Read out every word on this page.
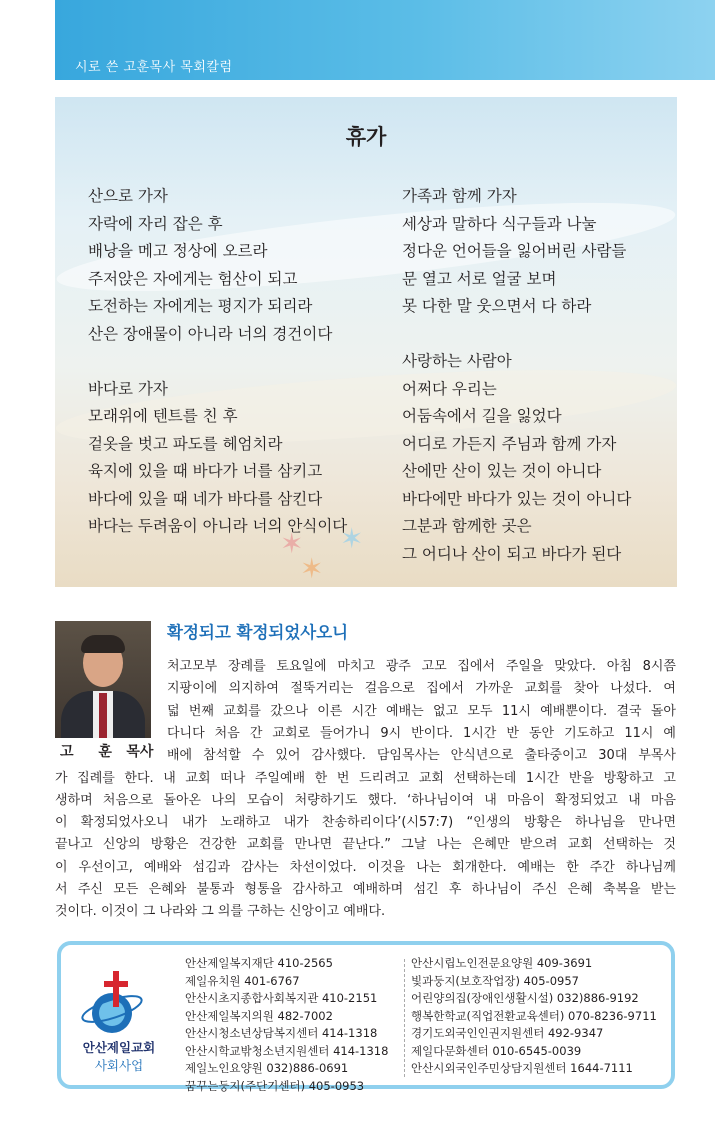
시로 쓴 고훈목사 목회칼럼
✶ ✶
✶
휴가
산으로 가자
자락에 자리 잡은 후
배낭을 메고 정상에 오르라
주저앉은 자에게는 험산이 되고
도전하는 자에게는 평지가 되리라
산은 장애물이 아니라 너의 경건이다
바다로 가자
모래위에 텐트를 친 후
겉옷을 벗고 파도를 헤엄치라
육지에 있을 때 바다가 너를 삼키고
바다에 있을 때 네가 바다를 삼킨다
바다는 두려움이 아니라 너의 안식이다
가족과 함께 가자
세상과 말하다 식구들과 나눌
정다운 언어들을 잃어버린 사람들
문 열고 서로 얼굴 보며
못 다한 말 웃으면서 다 하라
사랑하는 사람아
어쩌다 우리는
어둠속에서 길을 잃었다
어디로 가든지 주님과 함께 가자
산에만 산이 있는 것이 아니다
바다에만 바다가 있는 것이 아니다
그분과 함께한 곳은
그 어디나 산이 되고 바다가 된다
확정되고 확정되었사오니
고 훈 목사
처고모부 장례를 토요일에 마치고 광주 고모 집에서 주일을 맞았다. 아침 8시쯤
지팡이에 의지하여 절뚝거리는 걸음으로 집에서 가까운 교회를 찾아 나섰다. 여
덟 번째 교회를 갔으나 이른 시간 예배는 없고 모두 11시 예배뿐이다. 결국 돌아
다니다 처음 간 교회로 들어가니 9시 반이다. 1시간 반 동안 기도하고 11시 예
배에 참석할 수 있어 감사했다. 담임목사는 안식년으로 출타중이고 30대 부목사
가 집례를 한다. 내 교회 떠나 주일예배 한 번 드리려고 교회 선택하는데 1시간 반을 방황하고 고
생하며 처음으로 돌아온 나의 모습이 처량하기도 했다. ‘하나님이여 내 마음이 확정되었고 내 마음
이 확정되었사오니 내가 노래하고 내가 찬송하리이다’(시57:7) “인생의 방황은 하나님을 만나면
끝나고 신앙의 방황은 건강한 교회를 만나면 끝난다.” 그날 나는 은혜만 받으려 교회 선택하는 것
이 우선이고, 예배와 섬김과 감사는 차선이었다. 이것을 나는 회개한다. 예배는 한 주간 하나님께
서 주신 모든 은혜와 불통과 형통을 감사하고 예배하며 섬긴 후 하나님이 주신 은혜 축복을 받는
것이다. 이것이 그 나라와 그 의를 구하는 신앙이고 예배다.
안산제일교회
사회사업
안산제일복지재단 410-2565
제일유치원 401-6767
안산시초지종합사회복지관 410-2151
안산제일복지의원 482-7002
안산시청소년상담복지센터 414-1318
안산시학교밖청소년지원센터 414-1318
제일노인요양원 032)886-0691
꿈꾸는둥지(주단기센터) 405-0953
안산시립노인전문요양원 409-3691
빛과둥지(보호작업장) 405-0957
어린양의집(장애인생활시설) 032)886-9192
행복한학교(직업전환교육센터) 070-8236-9711
경기도외국인인권지원센터 492-9347
제일다문화센터 010-6545-0039
안산시외국인주민상담지원센터 1644-7111
